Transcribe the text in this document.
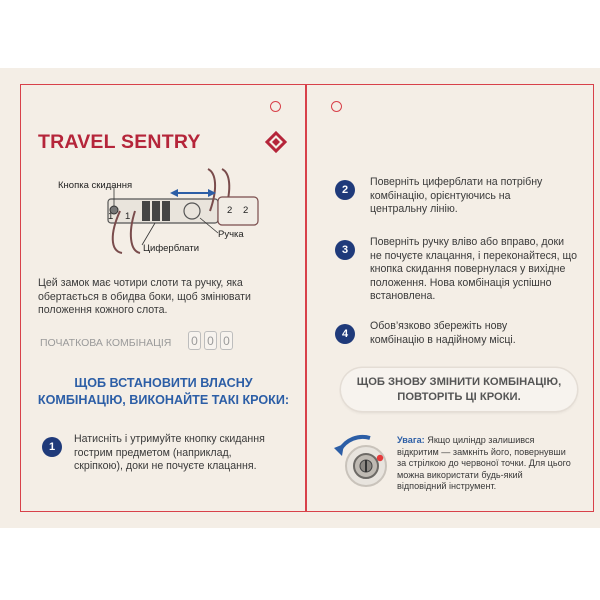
TRAVEL SENTRY
1 1
2 2
Кнопка скидання
Ручка
Циферблати
Цей замок має чотири слоти та ручку, яка
обертається в обидва боки, щоб змінювати
положення кожного слота.
ПОЧАТКОВА КОМБІНАЦІЯ 0 0 0
ЩОБ ВСТАНОВИТИ ВЛАСНУ
КОМБІНАЦІЮ, ВИКОНАЙТЕ ТАКІ КРОКИ:
1
Натисніть і утримуйте кнопку скидання
гострим предметом (наприклад,
скріпкою), доки не почуєте клацання.
2
Поверніть циферблати на потрібну
комбінацію, орієнтуючись на
центральну лінію.
3
Поверніть ручку вліво або вправо, доки
не почуєте клацання, і переконайтеся, що
кнопка скидання повернулася у вихідне
положення. Нова комбінація успішно
встановлена.
4
Обов’язково збережіть нову
комбінацію в надійному місці.
ЩОБ ЗНОВУ ЗМІНИТИ КОМБІНАЦІЮ,
ПОВТОРІТЬ ЦІ КРОКИ.
Увага: Якщо циліндр залишився
відкритим — замкніть його, повернувши
за стрілкою до червоної точки. Для цього
можна використати будь-який
відповідний інструмент.
